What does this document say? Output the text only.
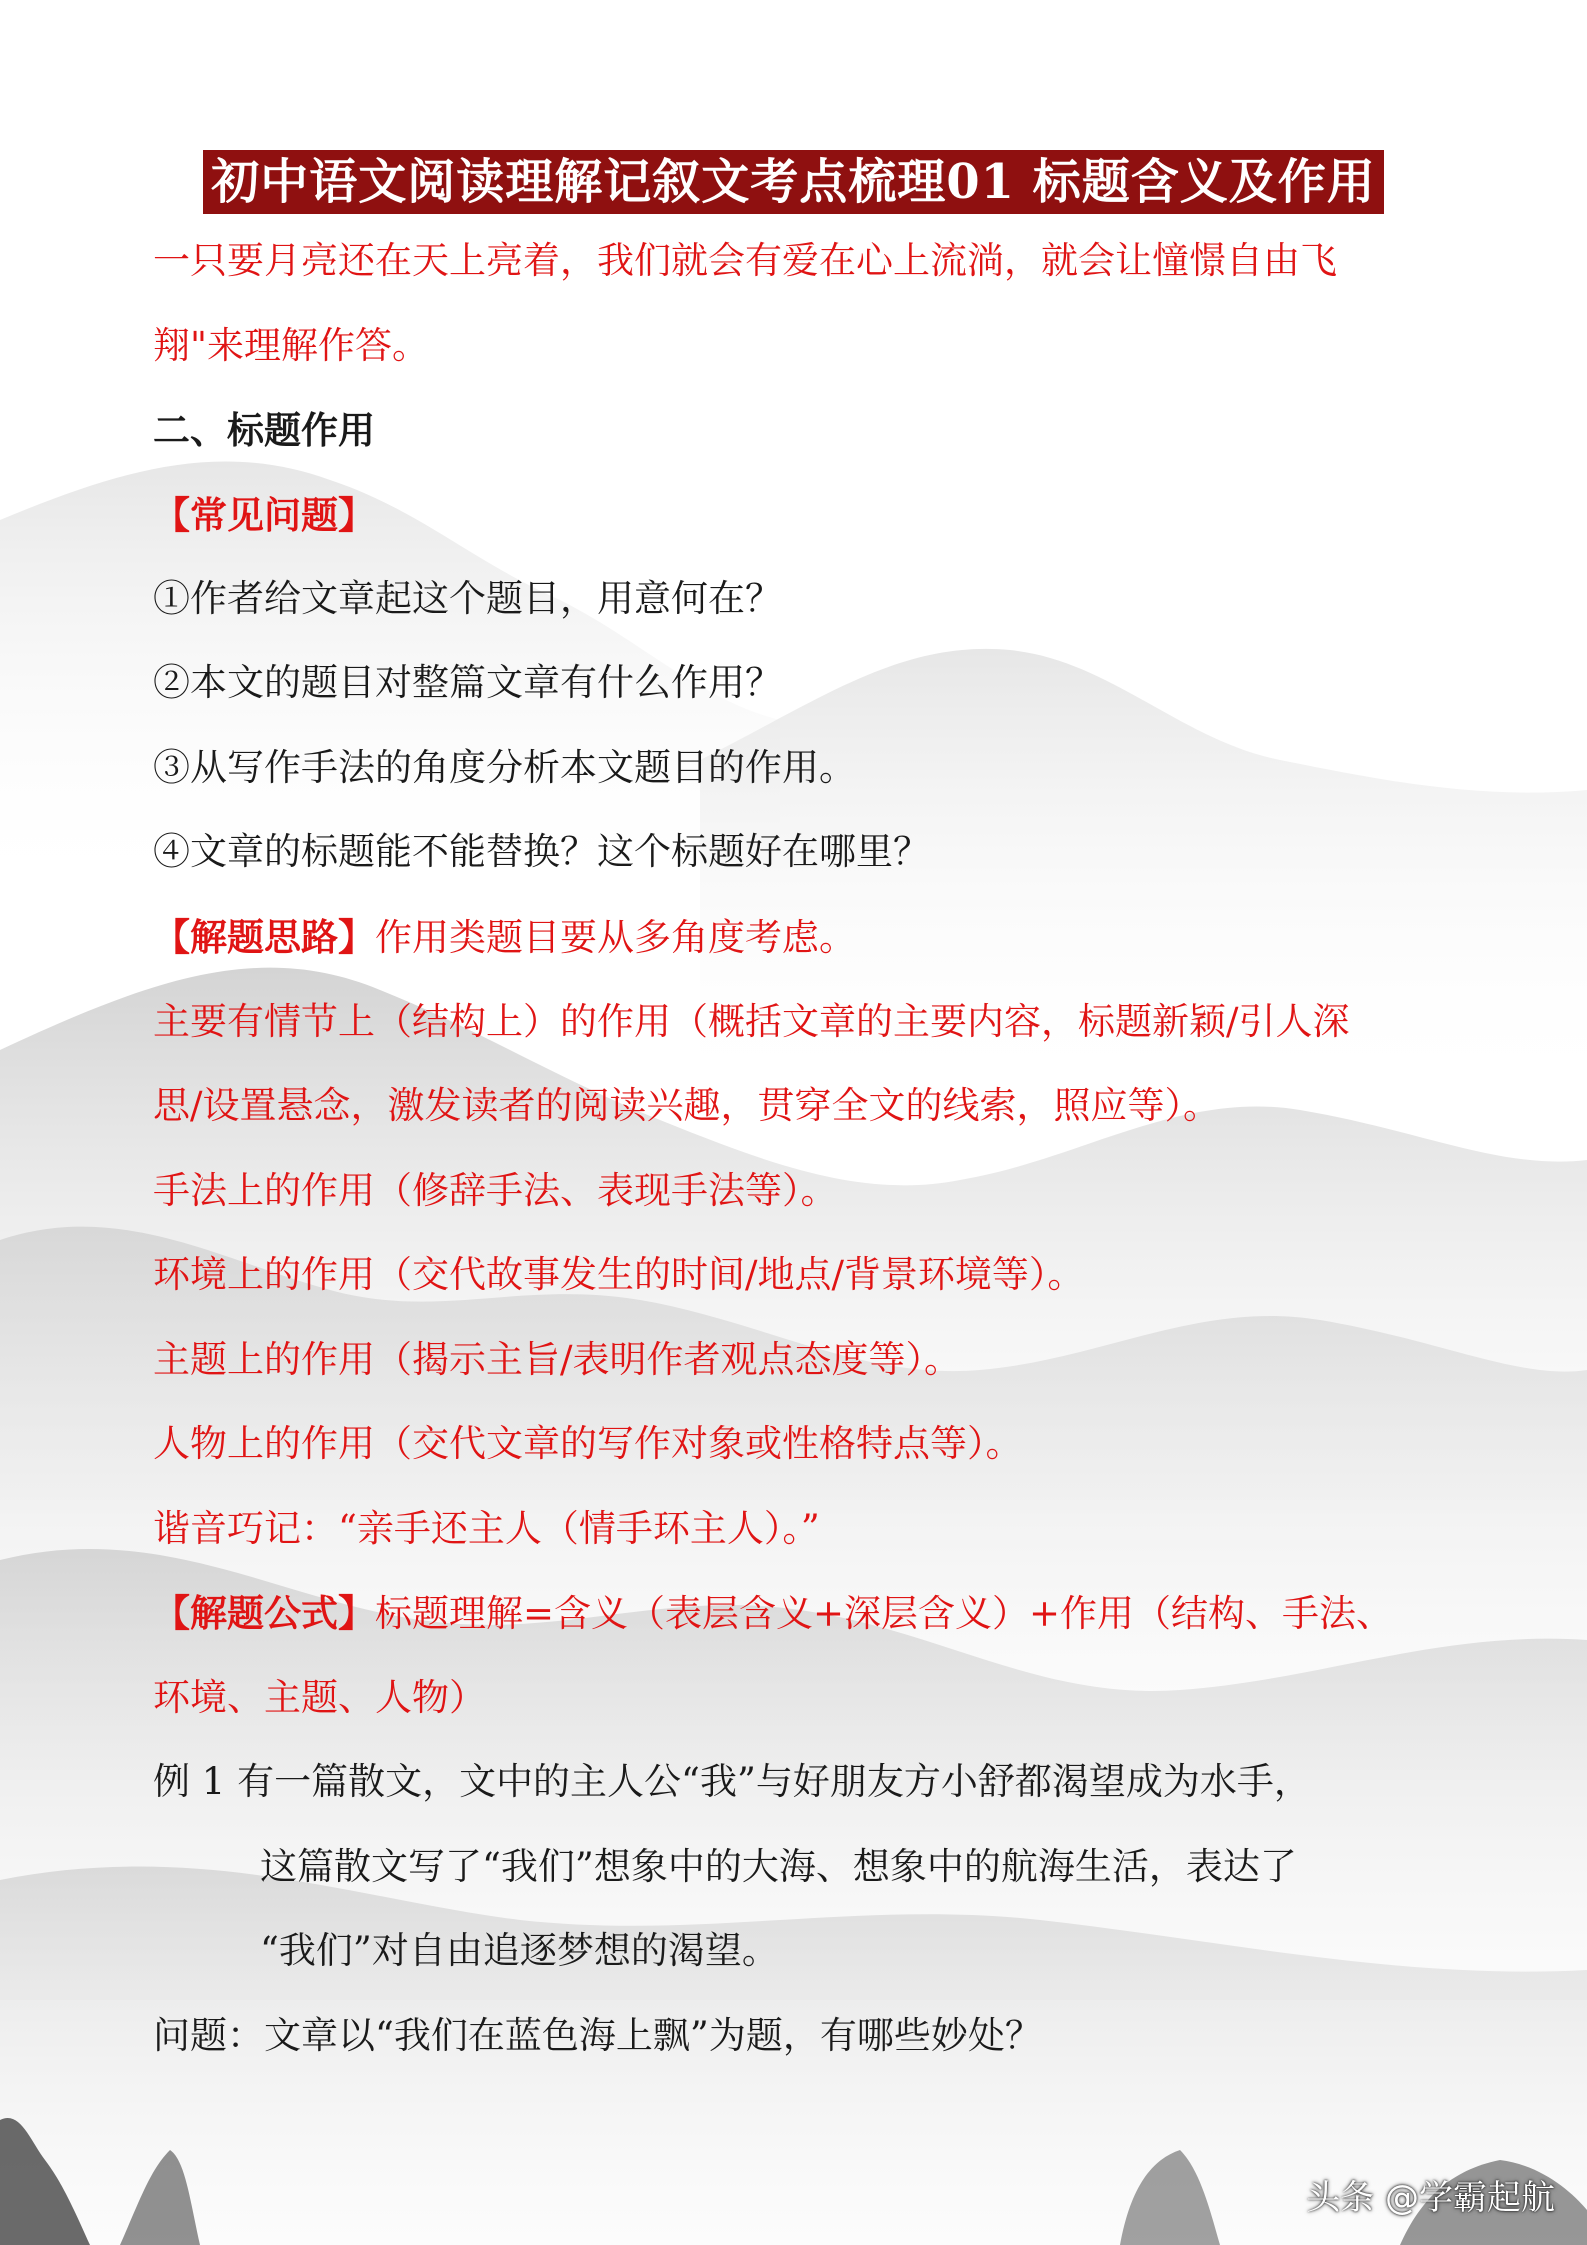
初中语文阅读理解记叙文考点梳理01 标题含义及作用
一只要月亮还在天上亮着，我们就会有爱在心上流淌，就会让憧憬自由飞
翔"来理解作答。
二、标题作用
【常见问题】
①作者给文章起这个题目，用意何在？
②本文的题目对整篇文章有什么作用？
③从写作手法的角度分析本文题目的作用。
④文章的标题能不能替换？这个标题好在哪里？
【解题思路】作用类题目要从多角度考虑。
主要有情节上（结构上）的作用（概括文章的主要内容，标题新颖/引人深
思/设置悬念，激发读者的阅读兴趣，贯穿全文的线索，照应等）。
手法上的作用（修辞手法、表现手法等）。
环境上的作用（交代故事发生的时间/地点/背景环境等）。
主题上的作用（揭示主旨/表明作者观点态度等）。
人物上的作用（交代文章的写作对象或性格特点等）。
谐音巧记：“亲手还主人（情手环主人）。”
【解题公式】标题理解=含义（表层含义+深层含义）+作用（结构、手法、
环境、主题、人物）
例 1 有一篇散文，文中的主人公“我”与好朋友方小舒都渴望成为水手，
这篇散文写了“我们”想象中的大海、想象中的航海生活，表达了
“我们”对自由追逐梦想的渴望。
问题：文章以“我们在蓝色海上飘”为题，有哪些妙处？
头条 @学霸起航
